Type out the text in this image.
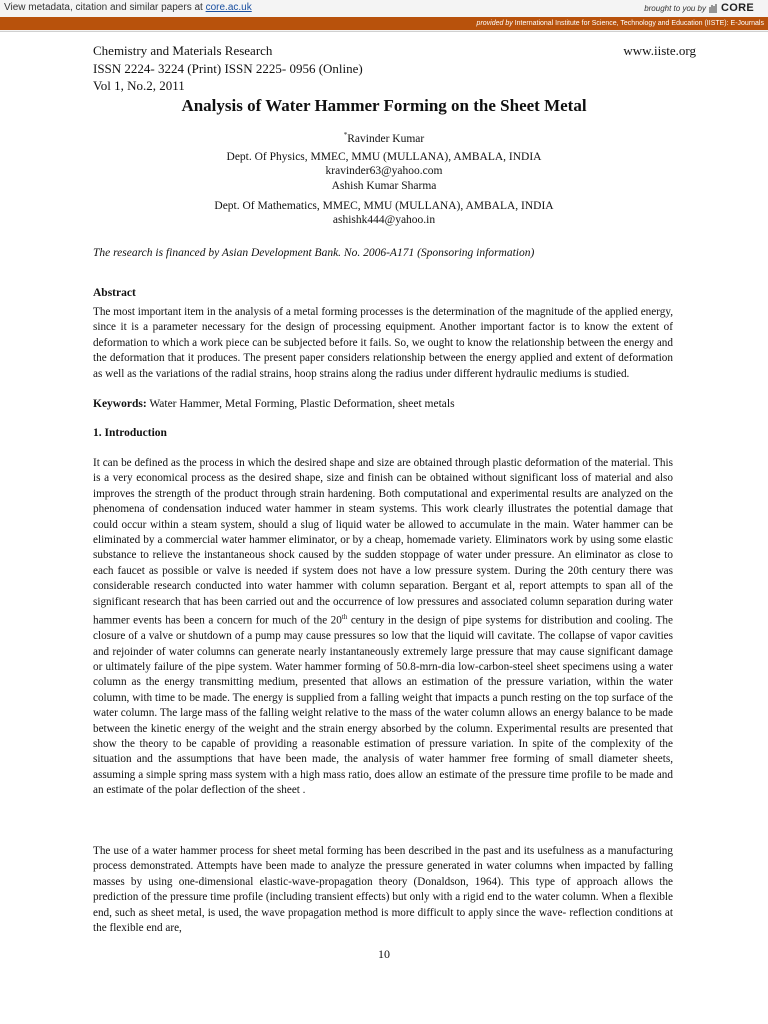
View metadata, citation and similar papers at core.ac.uk	brought to you by CORE
provided by International Institute for Science, Technology and Education (IISTE): E-Journals
Chemistry and Materials Research	www.iiste.org
ISSN 2224- 3224 (Print) ISSN 2225- 0956 (Online)
Vol 1, No.2, 2011
Analysis of Water Hammer Forming on the Sheet Metal
*Ravinder Kumar
Dept. Of Physics, MMEC, MMU (MULLANA), AMBALA, INDIA
kravinder63@yahoo.com
Ashish Kumar Sharma
Dept. Of Mathematics, MMEC, MMU (MULLANA), AMBALA, INDIA
ashishk444@yahoo.in
The research is financed by Asian Development Bank. No. 2006-A171 (Sponsoring information)
Abstract

The most important item in the analysis of a metal forming processes is the determination of the magnitude of the applied energy, since it is a parameter necessary for the design of processing equipment. Another important factor is to know the extent of deformation to which a work piece can be subjected before it fails. So, we ought to know the relationship between the energy and the deformation that it produces. The present paper considers relationship between the energy applied and extent of deformation as well as the variations of the radial strains, hoop strains along the radius under different hydraulic mediums is studied.

Keywords: Water Hammer, Metal Forming, Plastic Deformation, sheet metals
1. Introduction

It can be defined as the process in which the desired shape and size are obtained through plastic deformation of the material. This is a very economical process as the desired shape, size and finish can be obtained without significant loss of material and also improves the strength of the product through strain hardening. Both computational and experimental results are analyzed on the phenomena of condensation induced water hammer in steam systems. This work clearly illustrates the potential damage that could occur within a steam system, should a slug of liquid water be allowed to accumulate in the main. Water hammer can be eliminated by a commercial water hammer eliminator, or by a cheap, homemade variety. Eliminators work by using some elastic substance to relieve the instantaneous shock caused by the sudden stoppage of water under pressure. An eliminator as close to each faucet as possible or valve is needed if system does not have a low pressure system. During the 20th century there was considerable research conducted into water hammer with column separation. Bergant et al, report attempts to span all of the significant research that has been carried out and the occurrence of low pressures and associated column separation during water hammer events has been a concern for much of the 20th century in the design of pipe systems for distribution and cooling. The closure of a valve or shutdown of a pump may cause pressures so low that the liquid will cavitate. The collapse of vapor cavities and rejoinder of water columns can generate nearly instantaneously extremely large pressure that may cause significant damage or ultimately failure of the pipe system. Water hammer forming of 50.8-mrn-dia low-carbon-steel sheet specimens using a water column as the energy transmitting medium, presented that allows an estimation of the pressure variation, within the water column, with time to be made. The energy is supplied from a falling weight that impacts a punch resting on the top surface of the water column. The large mass of the falling weight relative to the mass of the water column allows an energy balance to be made between the kinetic energy of the weight and the strain energy absorbed by the column. Experimental results are presented that show the theory to be capable of providing a reasonable estimation of pressure variation. In spite of the complexity of the situation and the assumptions that have been made, the analysis of water hammer free forming of small diameter sheets, assuming a simple spring mass system with a high mass ratio, does allow an estimate of the pressure time profile to be made and an estimate of the polar deflection of the sheet .

The use of a water hammer process for sheet metal forming has been described in the past and its usefulness as a manufacturing process demonstrated. Attempts have been made to analyze the pressure generated in water columns when impacted by falling masses by using one-dimensional elastic-wave-propagation theory (Donaldson, 1964). This type of approach allows the prediction of the pressure time profile (including transient effects) but only with a rigid end to the water column. When a flexible end, such as sheet metal, is used, the wave propagation method is more difficult to apply since the wave- reflection conditions at the flexible end are,

10
